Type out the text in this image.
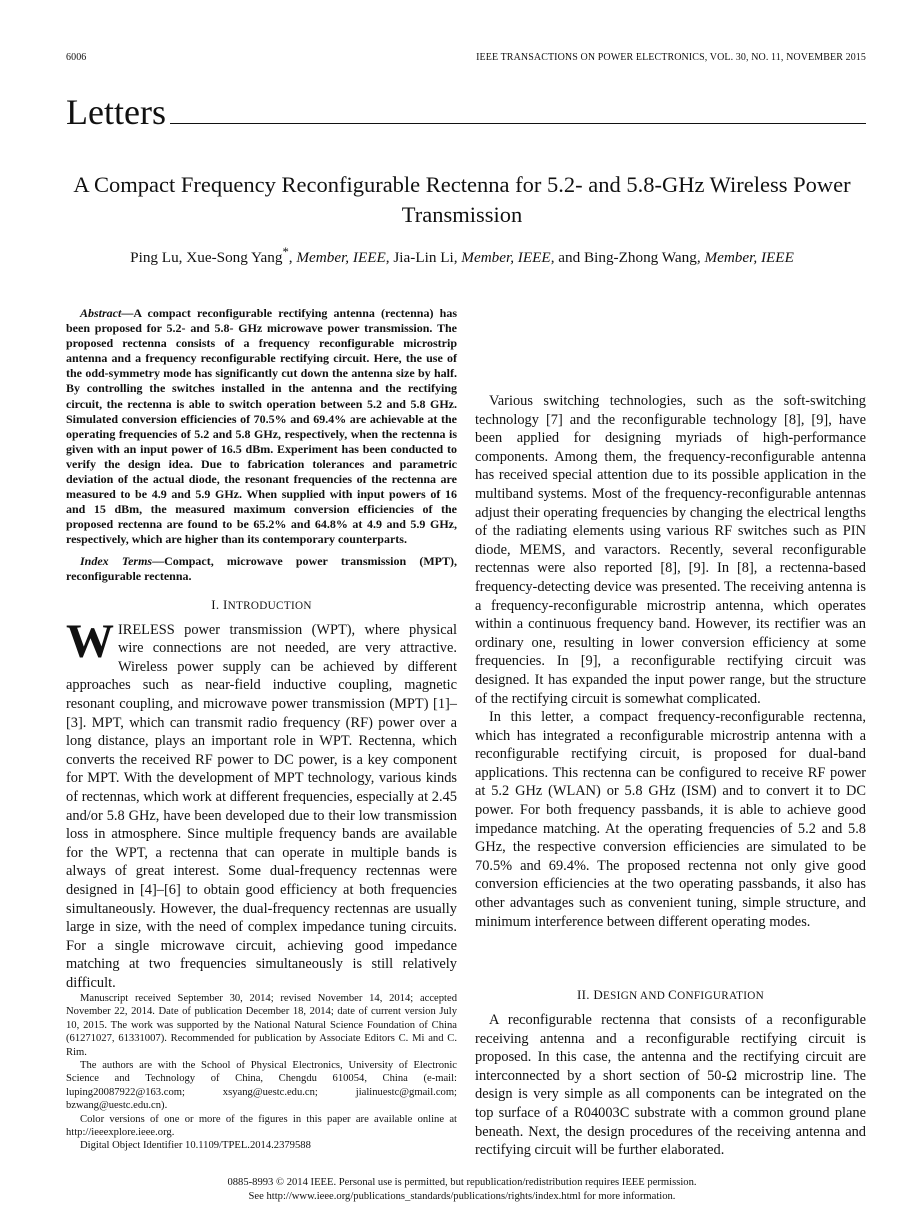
6006	IEEE TRANSACTIONS ON POWER ELECTRONICS, VOL. 30, NO. 11, NOVEMBER 2015
Letters
A Compact Frequency Reconfigurable Rectenna for 5.2- and 5.8-GHz Wireless Power Transmission
Ping Lu, Xue-Song Yang*, Member, IEEE, Jia-Lin Li, Member, IEEE, and Bing-Zhong Wang, Member, IEEE

Abstract—A compact reconfigurable rectifying antenna (rectenna) has been proposed for 5.2- and 5.8- GHz microwave power transmission. The proposed rectenna consists of a frequency reconfigurable microstrip antenna and a frequency reconfigurable rectifying circuit. Here, the use of the odd-symmetry mode has significantly cut down the antenna size by half. By controlling the switches installed in the antenna and the rectifying circuit, the rectenna is able to switch operation between 5.2 and 5.8 GHz. Simulated conversion efficiencies of 70.5% and 69.4% are achievable at the operating frequencies of 5.2 and 5.8 GHz, respectively, when the rectenna is given with an input power of 16.5 dBm. Experiment has been conducted to verify the design idea. Due to fabrication tolerances and parametric deviation of the actual diode, the resonant frequencies of the rectenna are measured to be 4.9 and 5.9 GHz. When supplied with input powers of 16 and 15 dBm, the measured maximum conversion efficiencies of the proposed rectenna are found to be 65.2% and 64.8% at 4.9 and 5.9 GHz, respectively, which are higher than its contemporary counterparts.

Index Terms—Compact, microwave power transmission (MPT), reconfigurable rectenna.

I. INTRODUCTION

WIRELESS power transmission (WPT), where physical wire connections are not needed, are very attractive. Wireless power supply can be achieved by different approaches such as near-field inductive coupling, magnetic resonant coupling, and microwave power transmission (MPT) [1]–[3]. MPT, which can transmit radio frequency (RF) power over a long distance, plays an important role in WPT. Rectenna, which converts the received RF power to DC power, is a key component for MPT. With the development of MPT technology, various kinds of rectennas, which work at different frequencies, especially at 2.45 and/or 5.8 GHz, have been developed due to their low transmission loss in atmosphere. Since multiple frequency bands are available for the WPT, a rectenna that can operate in multiple bands is always of great interest. Some dual-frequency rectennas were designed in [4]–[6] to obtain good efficiency at both frequencies simultaneously. However, the dual-frequency rectennas are usually large in size, with the need of complex impedance tuning circuits. For a single microwave circuit, achieving good impedance matching at two frequencies simultaneously is still relatively difficult.

Manuscript received September 30, 2014; revised November 14, 2014; accepted November 22, 2014. Date of publication December 18, 2014; date of current version July 10, 2015. The work was supported by the National Natural Science Foundation of China (61271027, 61331007). Recommended for publication by Associate Editors C. Mi and C. Rim.

The authors are with the School of Physical Electronics, University of Electronic Science and Technology of China, Chengdu 610054, China (e-mail: luping20087922@163.com; xsyang@uestc.edu.cn; jialinuestc@gmail.com; bzwang@uestc.edu.cn).

Color versions of one or more of the figures in this paper are available online at http://ieeexplore.ieee.org.

Digital Object Identifier 10.1109/TPEL.2014.2379588

Various switching technologies, such as the soft-switching technology [7] and the reconfigurable technology [8], [9], have been applied for designing myriads of high-performance components. Among them, the frequency-reconfigurable antenna has received special attention due to its possible application in the multiband systems. Most of the frequency-reconfigurable antennas adjust their operating frequencies by changing the electrical lengths of the radiating elements using various RF switches such as PIN diode, MEMS, and varactors. Recently, several reconfigurable rectennas were also reported [8], [9]. In [8], a rectenna-based frequency-detecting device was presented. The receiving antenna is a frequency-reconfigurable microstrip antenna, which operates within a continuous frequency band. However, its rectifier was an ordinary one, resulting in lower conversion efficiency at some frequencies. In [9], a reconfigurable rectifying circuit was designed. It has expanded the input power range, but the structure of the rectifying circuit is somewhat complicated.

In this letter, a compact frequency-reconfigurable rectenna, which has integrated a reconfigurable microstrip antenna with a reconfigurable rectifying circuit, is proposed for dual-band applications. This rectenna can be configured to receive RF power at 5.2 GHz (WLAN) or 5.8 GHz (ISM) and to convert it to DC power. For both frequency passbands, it is able to achieve good impedance matching. At the operating frequencies of 5.2 and 5.8 GHz, the respective conversion efficiencies are simulated to be 70.5% and 69.4%. The proposed rectenna not only give good conversion efficiencies at the two operating passbands, it also has other advantages such as convenient tuning, simple structure, and minimum interference between different operating modes.

II. DESIGN AND CONFIGURATION

A reconfigurable rectenna that consists of a reconfigurable receiving antenna and a reconfigurable rectifying circuit is proposed. In this case, the antenna and the rectifying circuit are interconnected by a short section of 50-Ω microstrip line. The design is very simple as all components can be integrated on the top surface of a R04003C substrate with a common ground plane beneath. Next, the design procedures of the receiving antenna and rectifying circuit will be further elaborated.

0885-8993 © 2014 IEEE. Personal use is permitted, but republication/redistribution requires IEEE permission.
See http://www.ieee.org/publications_standards/publications/rights/index.html for more information.
